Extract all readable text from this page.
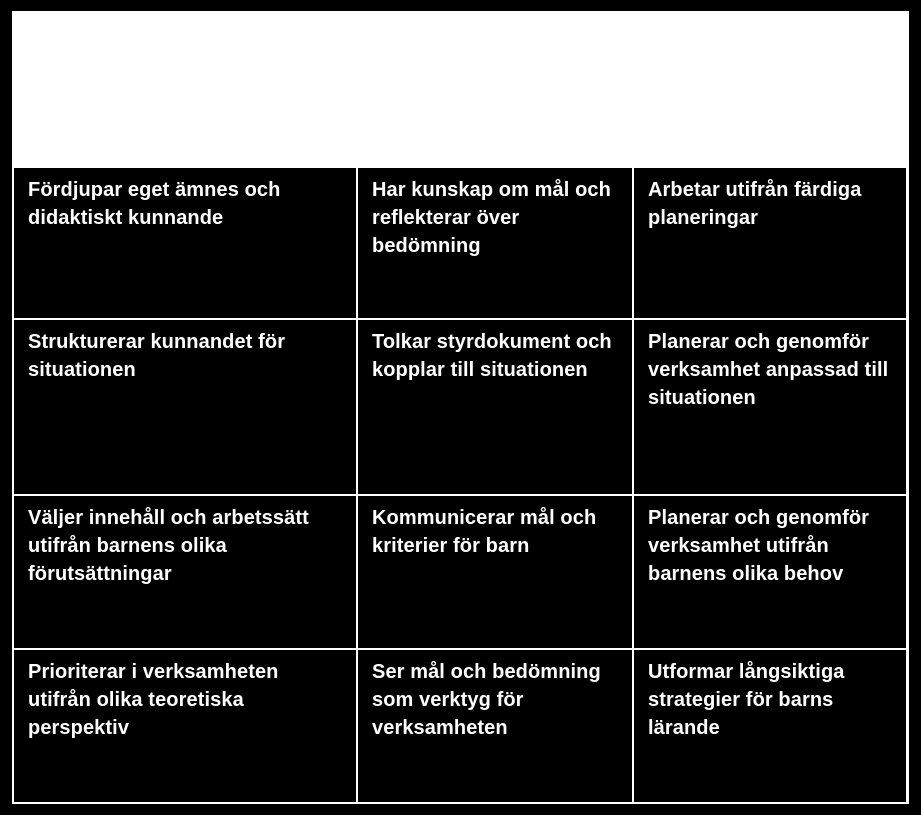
Fördjupar eget ämnes och didaktiskt kunnande
Har kunskap om mål och reflekterar över bedömning
Arbetar utifrån färdiga planeringar
Strukturerar kunnandet för situationen
Tolkar styrdokument och kopplar till situationen
Planerar och genomför verksamhet anpassad till situationen
Väljer innehåll och arbetssätt utifrån barnens olika förutsättningar
Kommunicerar mål och kriterier för barn
Planerar och genomför verksamhet utifrån barnens olika behov
Prioriterar i verksamheten utifrån olika teoretiska perspektiv
Ser mål och bedömning som verktyg för verksamheten
Utformar långsiktiga strategier för barns lärande
